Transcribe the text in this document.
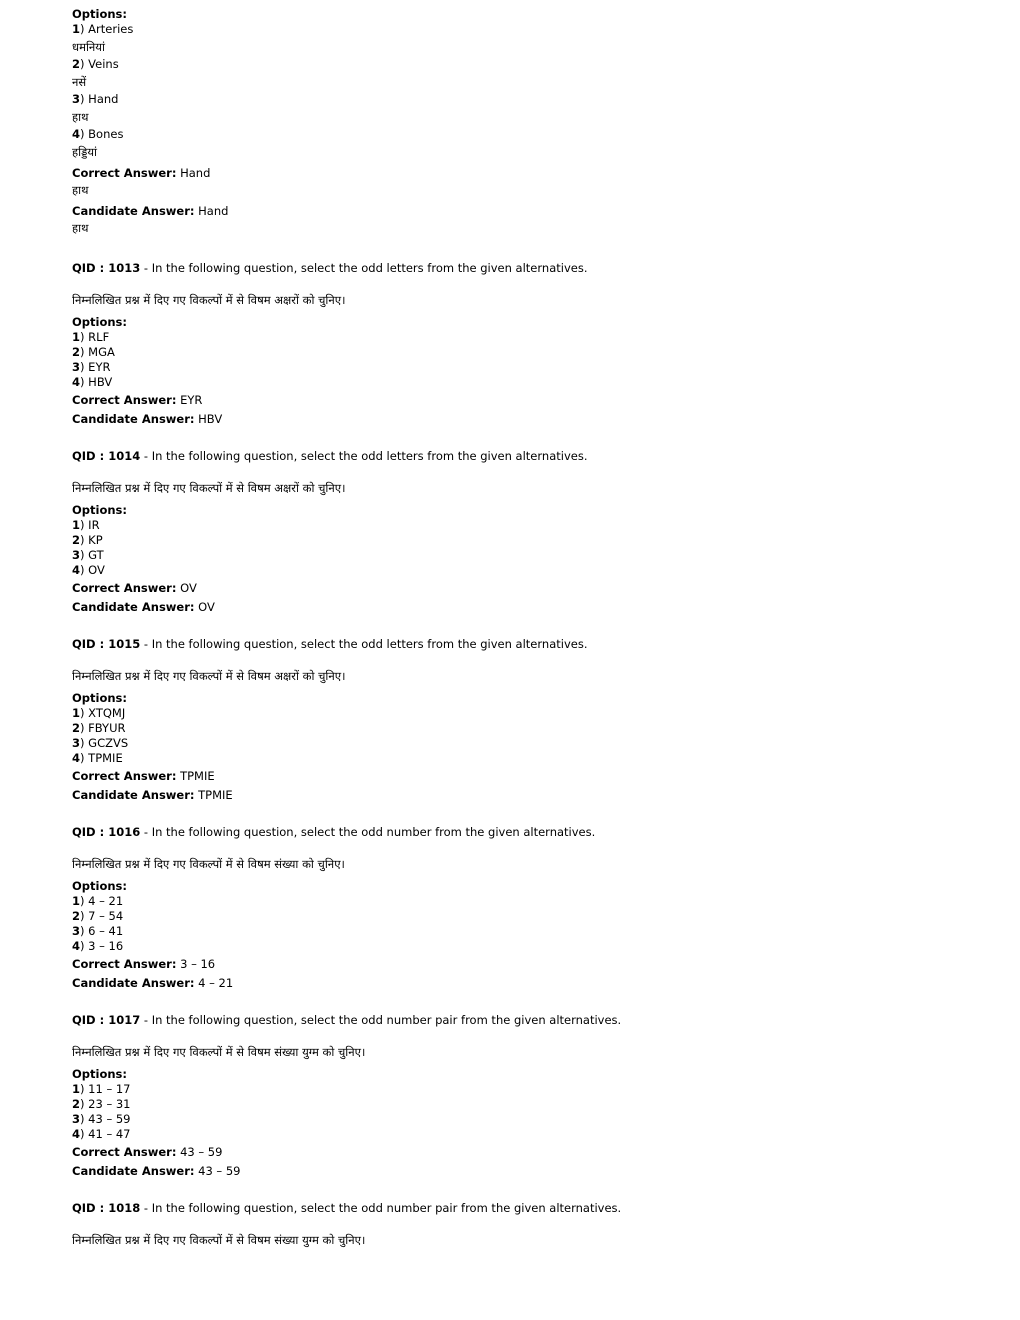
Options:
1) Arteries
धमनियां
2) Veins
नसें
3) Hand
हाथ
4) Bones
हड्डियां
Correct Answer: Hand
हाथ
Candidate Answer: Hand
हाथ
QID : 1013 - In the following question, select the odd letters from the given alternatives.
निम्नलिखित प्रश्न में दिए गए विकल्पों में से विषम अक्षरों को चुनिए।
Options:
1) RLF
2) MGA
3) EYR
4) HBV
Correct Answer: EYR
Candidate Answer: HBV
QID : 1014 - In the following question, select the odd letters from the given alternatives.
निम्नलिखित प्रश्न में दिए गए विकल्पों में से विषम अक्षरों को चुनिए।
Options:
1) IR
2) KP
3) GT
4) OV
Correct Answer: OV
Candidate Answer: OV
QID : 1015 - In the following question, select the odd letters from the given alternatives.
निम्नलिखित प्रश्न में दिए गए विकल्पों में से विषम अक्षरों को चुनिए।
Options:
1) XTQMJ
2) FBYUR
3) GCZVS
4) TPMIE
Correct Answer: TPMIE
Candidate Answer: TPMIE
QID : 1016 - In the following question, select the odd number from the given alternatives.
निम्नलिखित प्रश्न में दिए गए विकल्पों में से विषम संख्या को चुनिए।
Options:
1) 4 – 21
2) 7 – 54
3) 6 – 41
4) 3 – 16
Correct Answer: 3 – 16
Candidate Answer: 4 – 21
QID : 1017 - In the following question, select the odd number pair from the given alternatives.
निम्नलिखित प्रश्न में दिए गए विकल्पों में से विषम संख्या युग्म को चुनिए।
Options:
1) 11 – 17
2) 23 – 31
3) 43 – 59
4) 41 – 47
Correct Answer: 43 – 59
Candidate Answer: 43 – 59
QID : 1018 - In the following question, select the odd number pair from the given alternatives.
निम्नलिखित प्रश्न में दिए गए विकल्पों में से विषम संख्या युग्म को चुनिए।
